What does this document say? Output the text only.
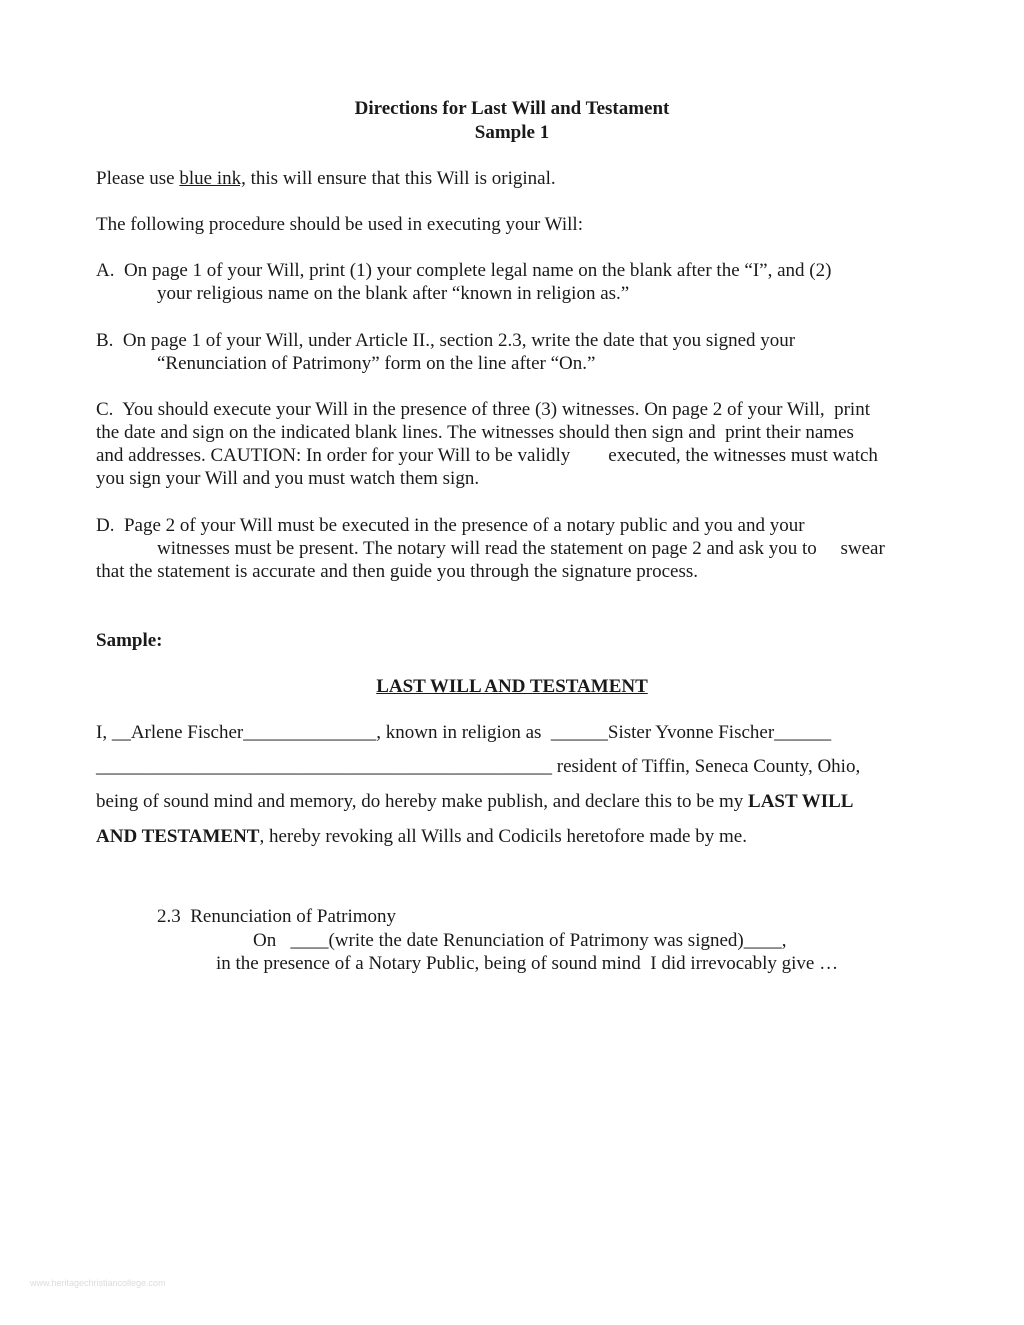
Directions for Last Will and Testament
Sample 1
Please use blue ink, this will ensure that this Will is original.
The following procedure should be used in executing your Will:
A.  On page 1 of your Will, print (1) your complete legal name on the blank after the “I”, and (2)
your religious name on the blank after “known in religion as.”
B.  On page 1 of your Will, under Article II., section 2.3, write the date that you signed your
“Renunciation of Patrimony” form on the line after “On.”
C.  You should execute your Will in the presence of three (3) witnesses. On page 2 of your Will,  print
the date and sign on the indicated blank lines. The witnesses should then sign and  print their names
and addresses. CAUTION: In order for your Will to be validly        executed, the witnesses must watch
you sign your Will and you must watch them sign.
D.  Page 2 of your Will must be executed in the presence of a notary public and you and your
witnesses must be present. The notary will read the statement on page 2 and ask you to     swear
that the statement is accurate and then guide you through the signature process.
Sample:
LAST WILL AND TESTAMENT
I, __Arlene Fischer______________, known in religion as  ______Sister Yvonne Fischer______
________________________________________________ resident of Tiffin, Seneca County, Ohio,
being of sound mind and memory, do hereby make publish, and declare this to be my LAST WILL
AND TESTAMENT, hereby revoking all Wills and Codicils heretofore made by me.
2.3  Renunciation of Patrimony
On   ____(write the date Renunciation of Patrimony was signed)____,
in the presence of a Notary Public, being of sound mind  I did irrevocably give …
www.heritagechristiancollege.com
